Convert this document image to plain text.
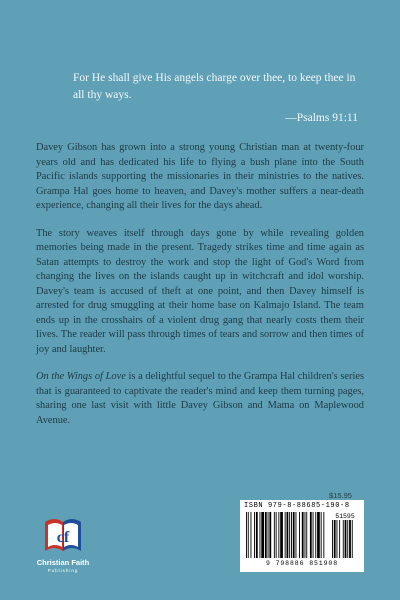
For He shall give His angels charge over thee, to keep thee in all thy ways.

—Psalms 91:11

Davey Gibson has grown into a strong young Christian man at twenty-four years old and has dedicated his life to flying a bush plane into the South Pacific islands supporting the missionaries in their ministries to the natives. Grampa Hal goes home to heaven, and Davey's mother suffers a near-death experience, changing all their lives for the days ahead.

The story weaves itself through days gone by while revealing golden memories being made in the present. Tragedy strikes time and time again as Satan attempts to destroy the work and stop the light of God's Word from changing the lives on the islands caught up in witchcraft and idol worship. Davey's team is accused of theft at one point, and then Davey himself is arrested for drug smuggling at their home base on Kalmajo Island. The team ends up in the crosshairs of a violent drug gang that nearly costs them their lives. The reader will pass through times of tears and sorrow and then times of joy and laughter.

On the Wings of Love is a delightful sequel to the Grampa Hal children's series that is guaranteed to captivate the reader's mind and keep them turning pages, sharing one last visit with little Davey Gibson and Mama on Maplewood Avenue.

$15.95
ISBN 979-8-88685-190-8
51595
9 798886 851908
cf
Christian Faith
Publishing
